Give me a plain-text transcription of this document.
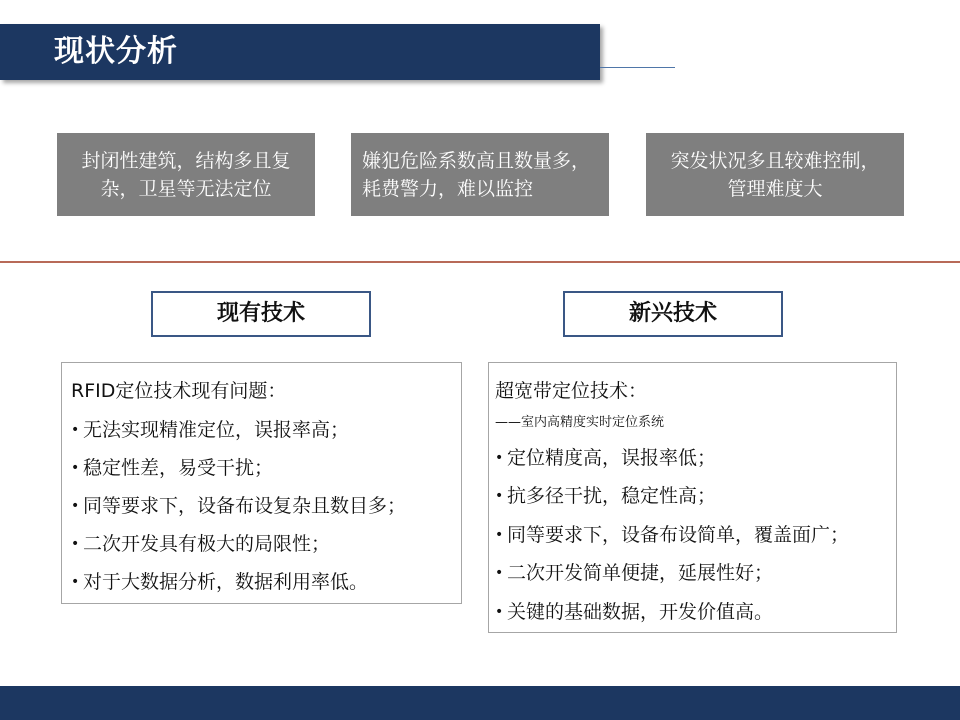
现状分析
封闭性建筑，结构多且复
杂，卫星等无法定位
嫌犯危险系数高且数量多，
耗费警力，难以监控
突发状况多且较难控制，
管理难度大
现有技术	新兴技术
RFID定位技术现有问题：
• 无法实现精准定位，误报率高；
• 稳定性差，易受干扰；
• 同等要求下，设备布设复杂且数目多；
• 二次开发具有极大的局限性；
• 对于大数据分析，数据利用率低。
超宽带定位技术：
——室内高精度实时定位系统
• 定位精度高，误报率低；
• 抗多径干扰，稳定性高；
• 同等要求下，设备布设简单，覆盖面广；
• 二次开发简单便捷，延展性好；
• 关键的基础数据，开发价值高。
